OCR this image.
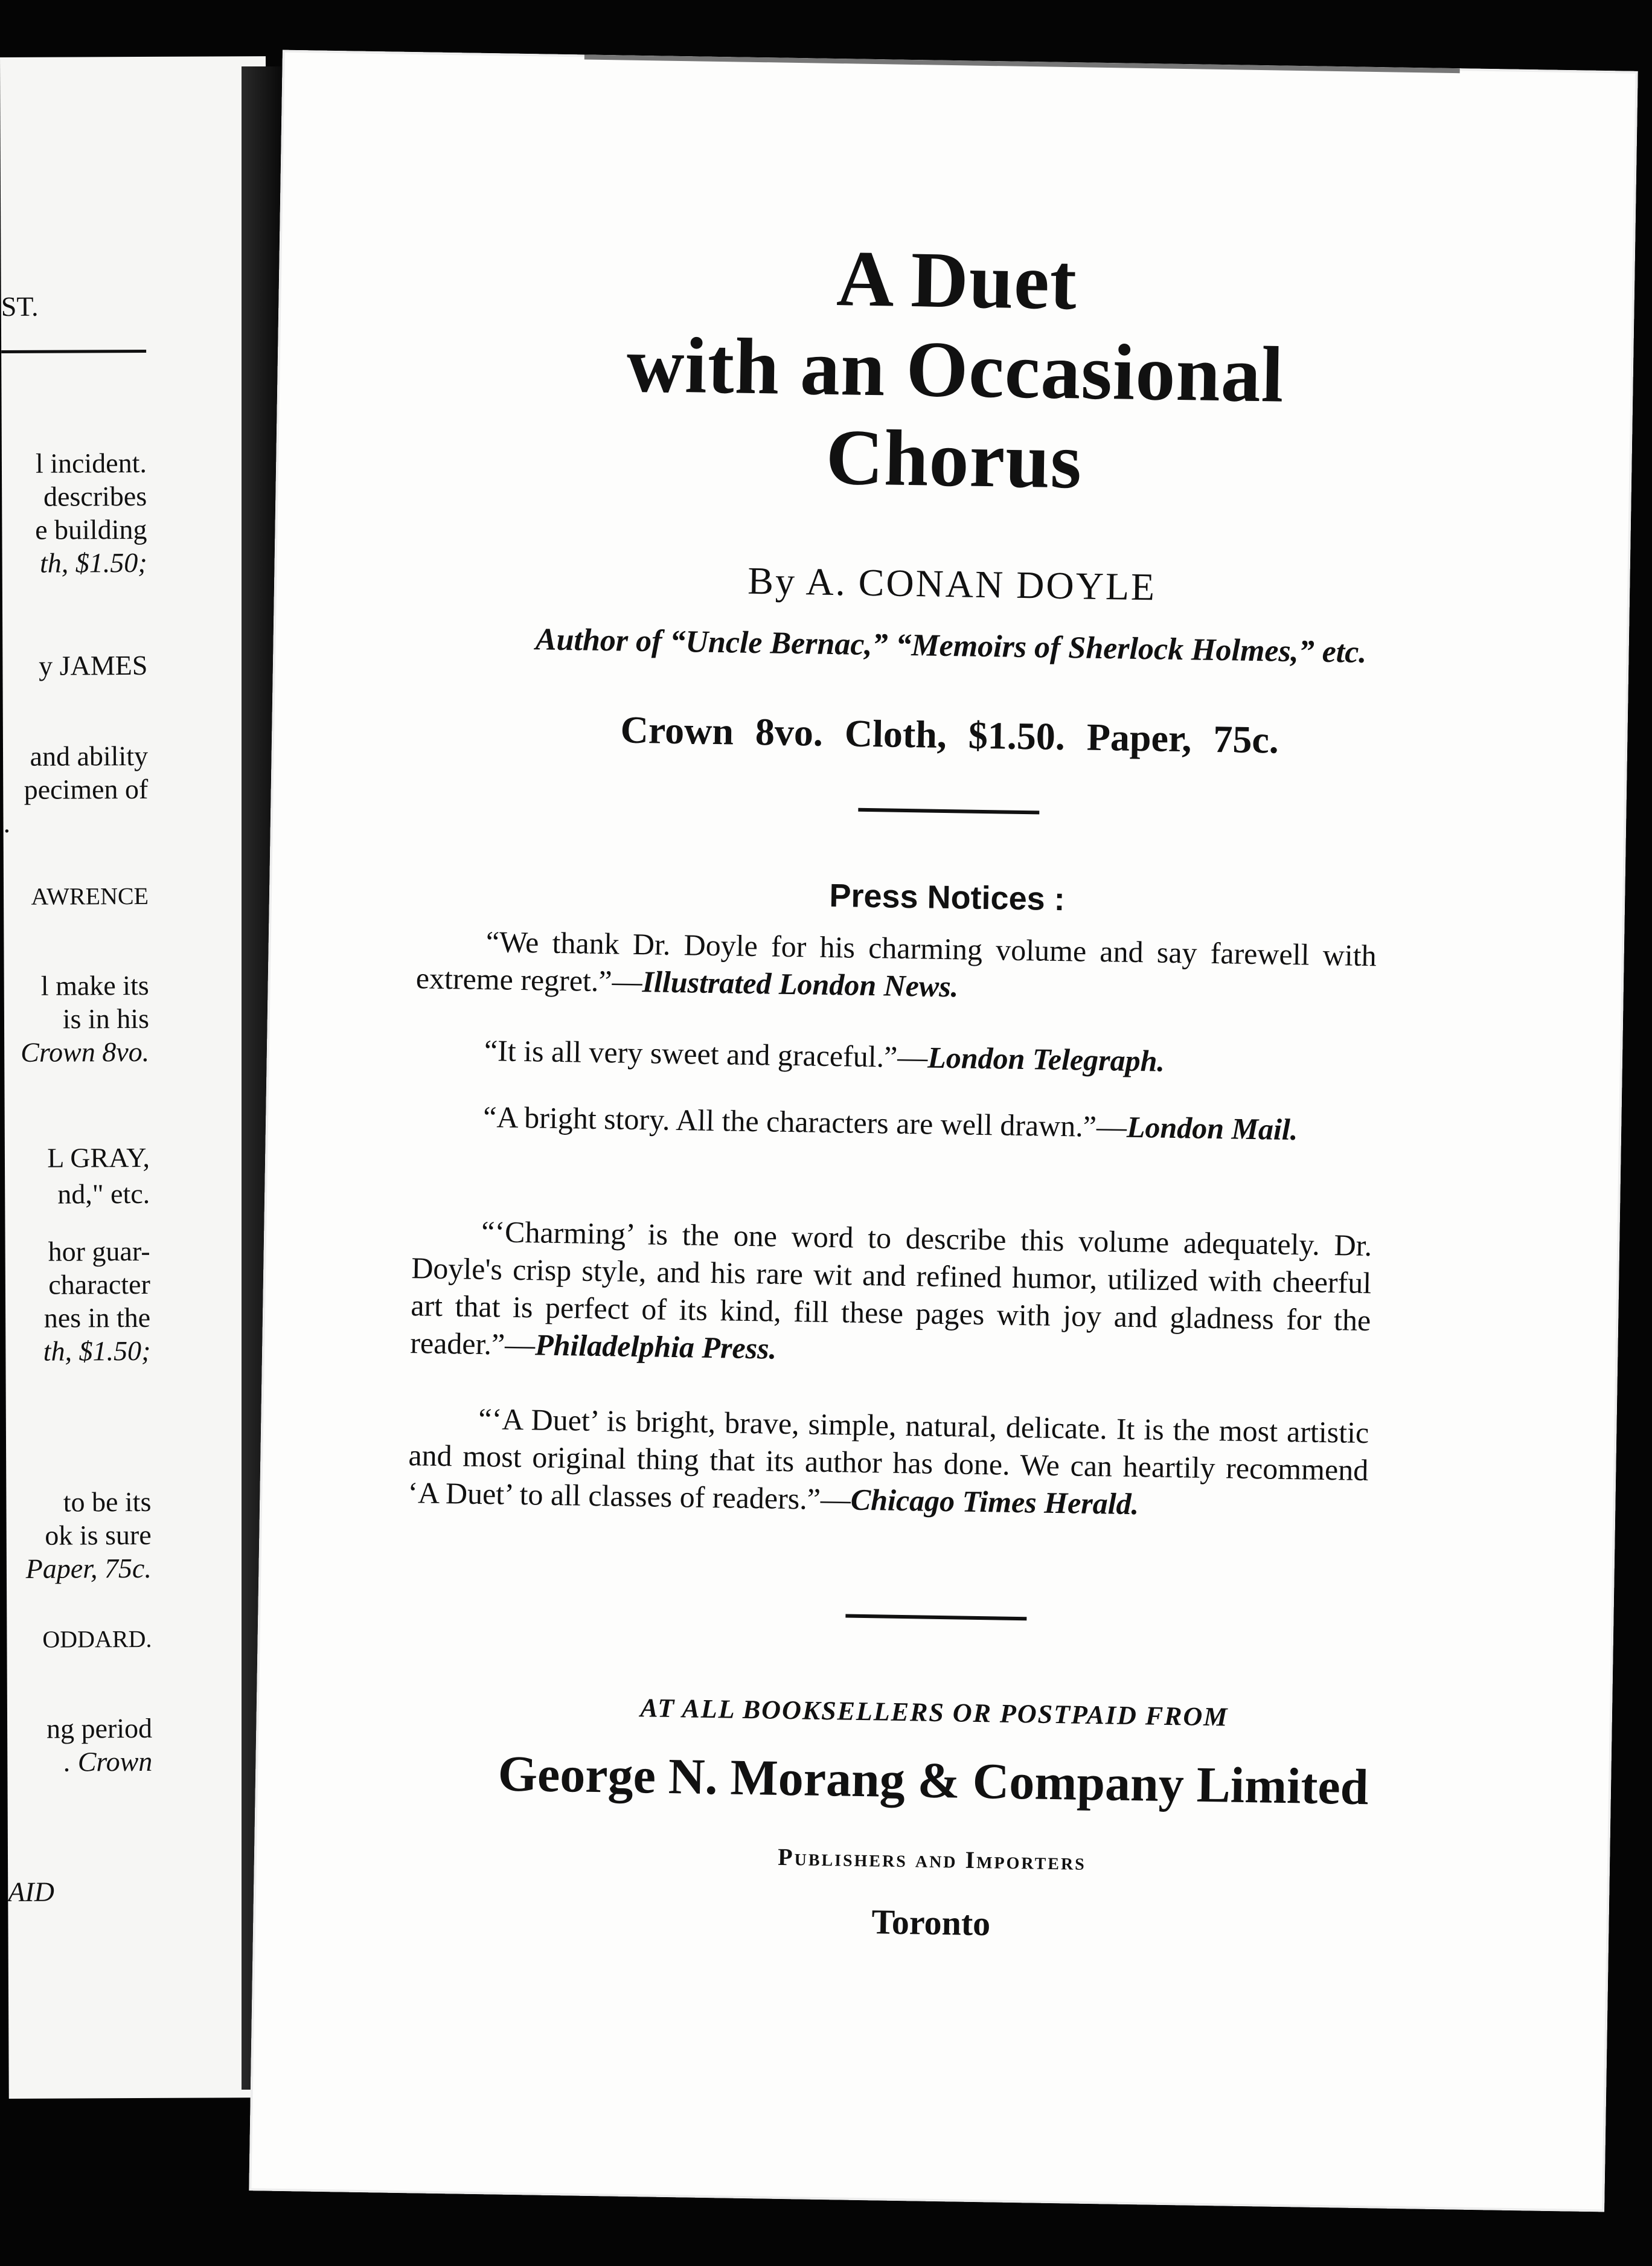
ST.
l incident.
describes
e building
th, $1.50;
y JAMES
and ability
pecimen of
.
AWRENCE
l make its
is in his
Crown 8vo.
L GRAY,
nd," etc.
hor guar-
character
nes in the
th, $1.50;
to be its
ok is sure
Paper, 75c.
ODDARD.
ng period
. Crown
AID
A Duet
with an Occasional
Chorus
By A. CONAN DOYLE
Author of “Uncle Bernac,” “Memoirs of Sherlock Holmes,” etc.
Crown 8vo. Cloth, $1.50. Paper, 75c.
Press Notices :

“We thank Dr. Doyle for his charming volume and say farewell with extreme regret.”—Illustrated London News.

“It is all very sweet and graceful.”—London Telegraph.

“A bright story. All the characters are well drawn.”—London Mail.

“‘Charming’ is the one word to describe this volume adequately. Dr. Doyle's crisp style, and his rare wit and refined humor, utilized with cheerful art that is perfect of its kind, fill these pages with joy and gladness for the reader.”—Philadelphia Press.

“‘A Duet’ is bright, brave, simple, natural, delicate. It is the most artistic and most original thing that its author has done. We can heartily recommend ‘A Duet’ to all classes of readers.”—Chicago Times Herald.

AT ALL BOOKSELLERS OR POSTPAID FROM
George N. Morang & Company Limited
Publishers and Importers
Toronto
